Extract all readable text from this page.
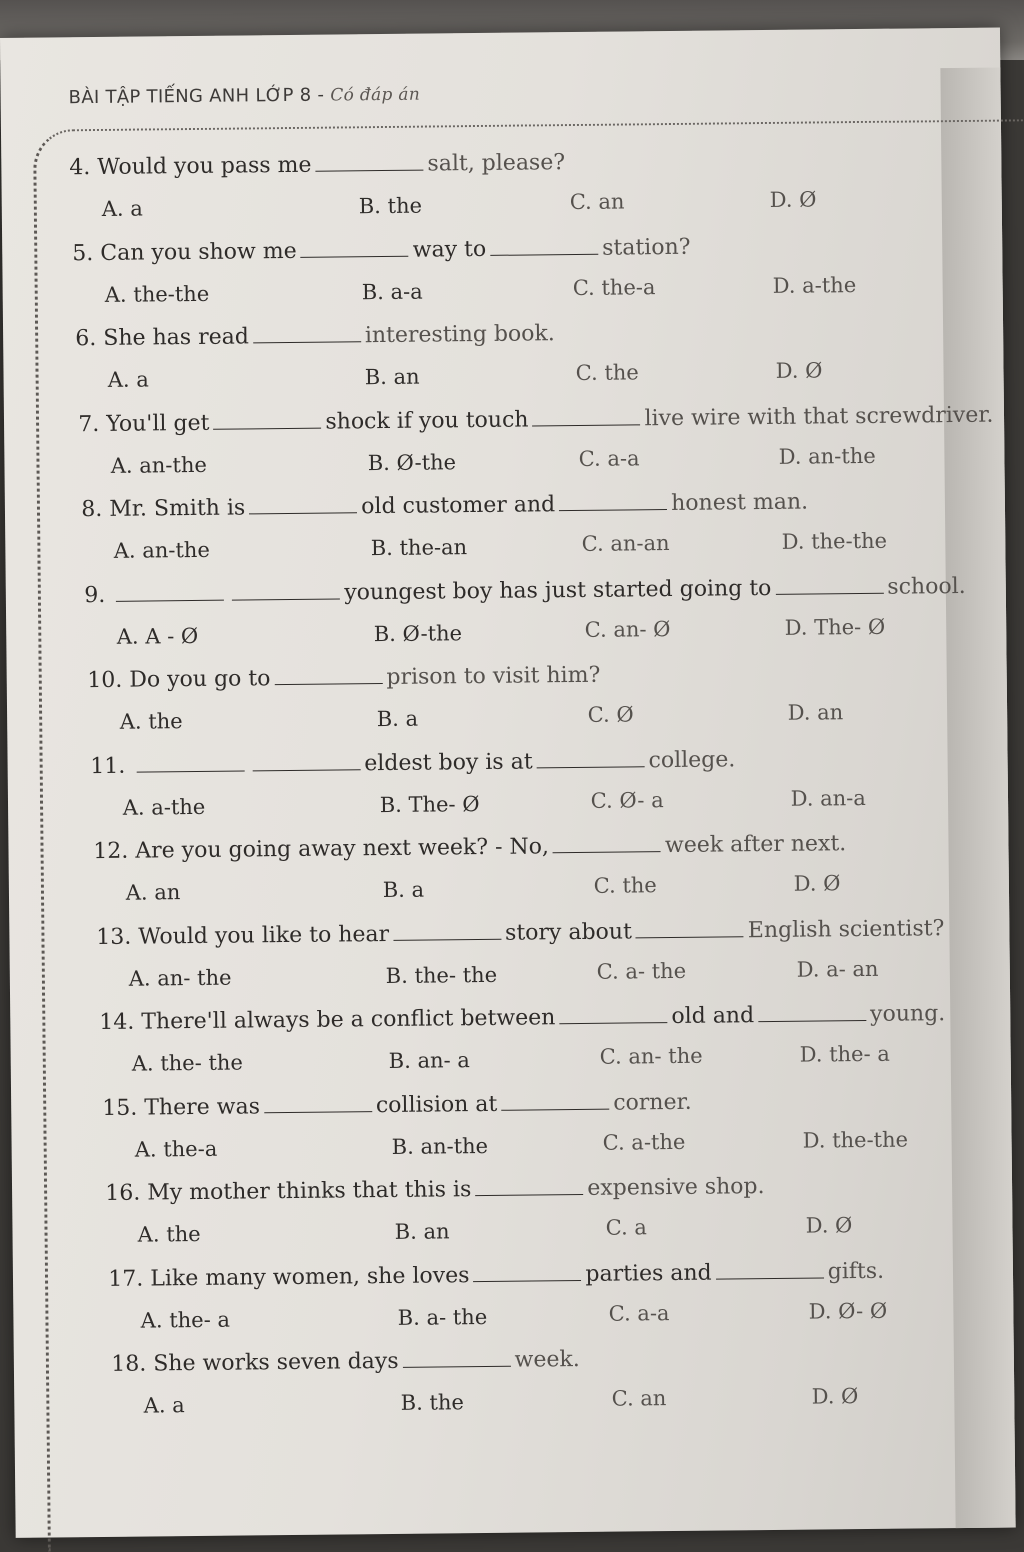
BÀI TẬP TIẾNG ANH LỚP 8 - Có đáp án
4. Would you pass me	salt, please?
A. a	B. the	C. an	D. Ø
5. Can you show me	way to	station?
A. the-the	B. a-a	C. the-a	D. a-the
6. She has read	interesting book.
A. a	B. an	C. the	D. Ø
7. You'll get	shock if you touch	live wire with that screwdriver.
A. an-the	B. Ø-the	C. a-a	D. an-the
8. Mr. Smith is	old customer and	honest man.
A. an-the	B. the-an	C. an-an	D. the-the
9.	youngest boy has just started going to	school.
A. A - Ø	B. Ø-the	C. an- Ø	D. The- Ø
10. Do you go to	prison to visit him?
A. the	B. a	C. Ø	D. an
11.	eldest boy is at	college.
A. a-the	B. The- Ø	C. Ø- a	D. an-a
12. Are you going away next week? - No,	week after next.
A. an	B. a	C. the	D. Ø
13. Would you like to hear	story about	English scientist?
A. an- the	B. the- the	C. a- the	D. a- an
14. There'll always be a conflict between	old and	young.
A. the- the	B. an- a	C. an- the	D. the- a
15. There was	collision at	corner.
A. the-a	B. an-the	C. a-the	D. the-the
16. My mother thinks that this is	expensive shop.
A. the	B. an	C. a	D. Ø
17. Like many women, she loves	parties and	gifts.
A. the- a	B. a- the	C. a-a	D. Ø- Ø
18. She works seven days	week.
A. a	B. the	C. an	D. Ø
